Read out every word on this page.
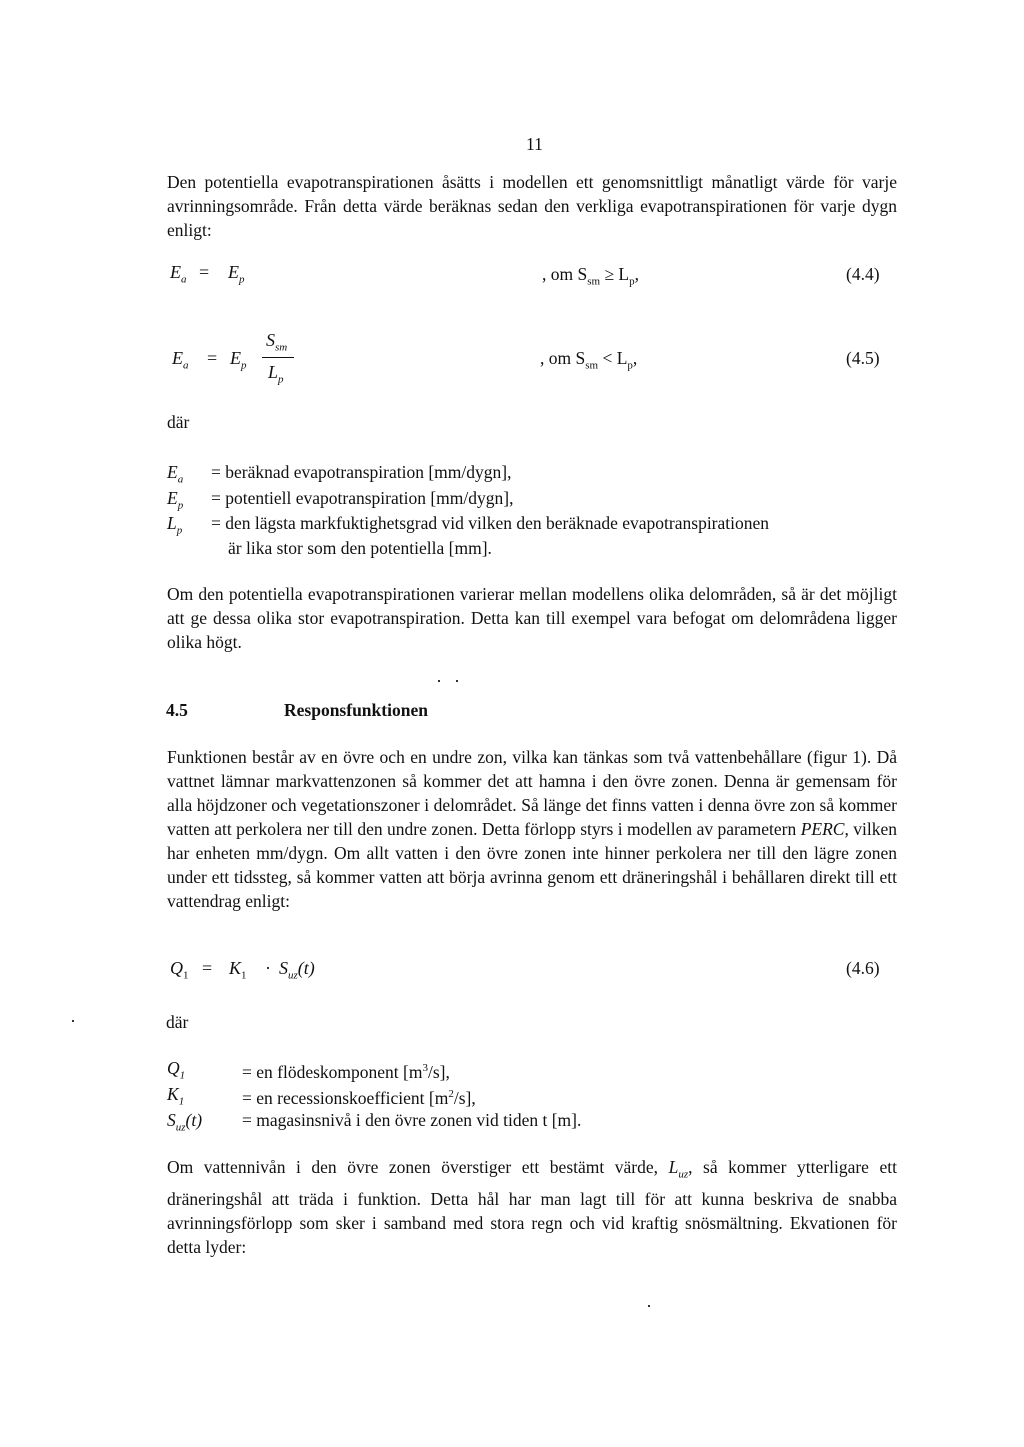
11
Den potentiella evapotranspirationen åsätts i modellen ett genomsnittligt månatligt värde för varje avrinningsområde. Från detta värde beräknas sedan den verkliga evapotranspirationen för varje dygn enligt:
$E_a = E_p$	, om $S_{sm} \ge L_p$,	(4.4)
$E_a = E_p$
$S_{sm}$
$L_p$
, om $S_{sm} < L_p$,	(4.5)
där
$E_a$ = beräknad evapotranspiration [mm/dygn],
$E_p$ = potentiell evapotranspiration [mm/dygn],
$L_p$ = den lägsta markfuktighetsgrad vid vilken den beräknade evapotranspirationen
är lika stor som den potentiella [mm].
Om den potentiella evapotranspirationen varierar mellan modellens olika delområden, så är det möjligt att ge dessa olika stor evapotranspiration. Detta kan till exempel vara befogat om delområdena ligger olika högt.
4.5	Responsfunktionen
Funktionen består av en övre och en undre zon, vilka kan tänkas som två vattenbehållare (figur 1). Då vattnet lämnar markvattenzonen så kommer det att hamna i den övre zonen. Denna är gemensam för alla höjdzoner och vegetationszoner i delområdet. Så länge det finns vatten i denna övre zon så kommer vatten att perkolera ner till den undre zonen. Detta förlopp styrs i modellen av parametern PERC, vilken har enheten mm/dygn. Om allt vatten i den övre zonen inte hinner perkolera ner till den lägre zonen under ett tidssteg, så kommer vatten att börja avrinna genom ett dräneringshål i behållaren direkt till ett vattendrag enligt:
$Q_1 = K_1 \cdot S_{uz}(t)$	(4.6)
där
$Q_1$	= en flödeskomponent $[m^3/s]$,
$K_1$	= en recessionskoefficient $[m^2/s]$,
$S_{uz}(t)$ = magasinsnivå i den övre zonen vid tiden t [m].
Om vattennivån i den övre zonen överstiger ett bestämt värde, $L_{uz}$, så kommer ytterligare ett dräneringshål att träda i funktion. Detta hål har man lagt till för att kunna beskriva de snabba avrinningsförlopp som sker i samband med stora regn och vid kraftig snösmältning. Ekvationen för detta lyder:
